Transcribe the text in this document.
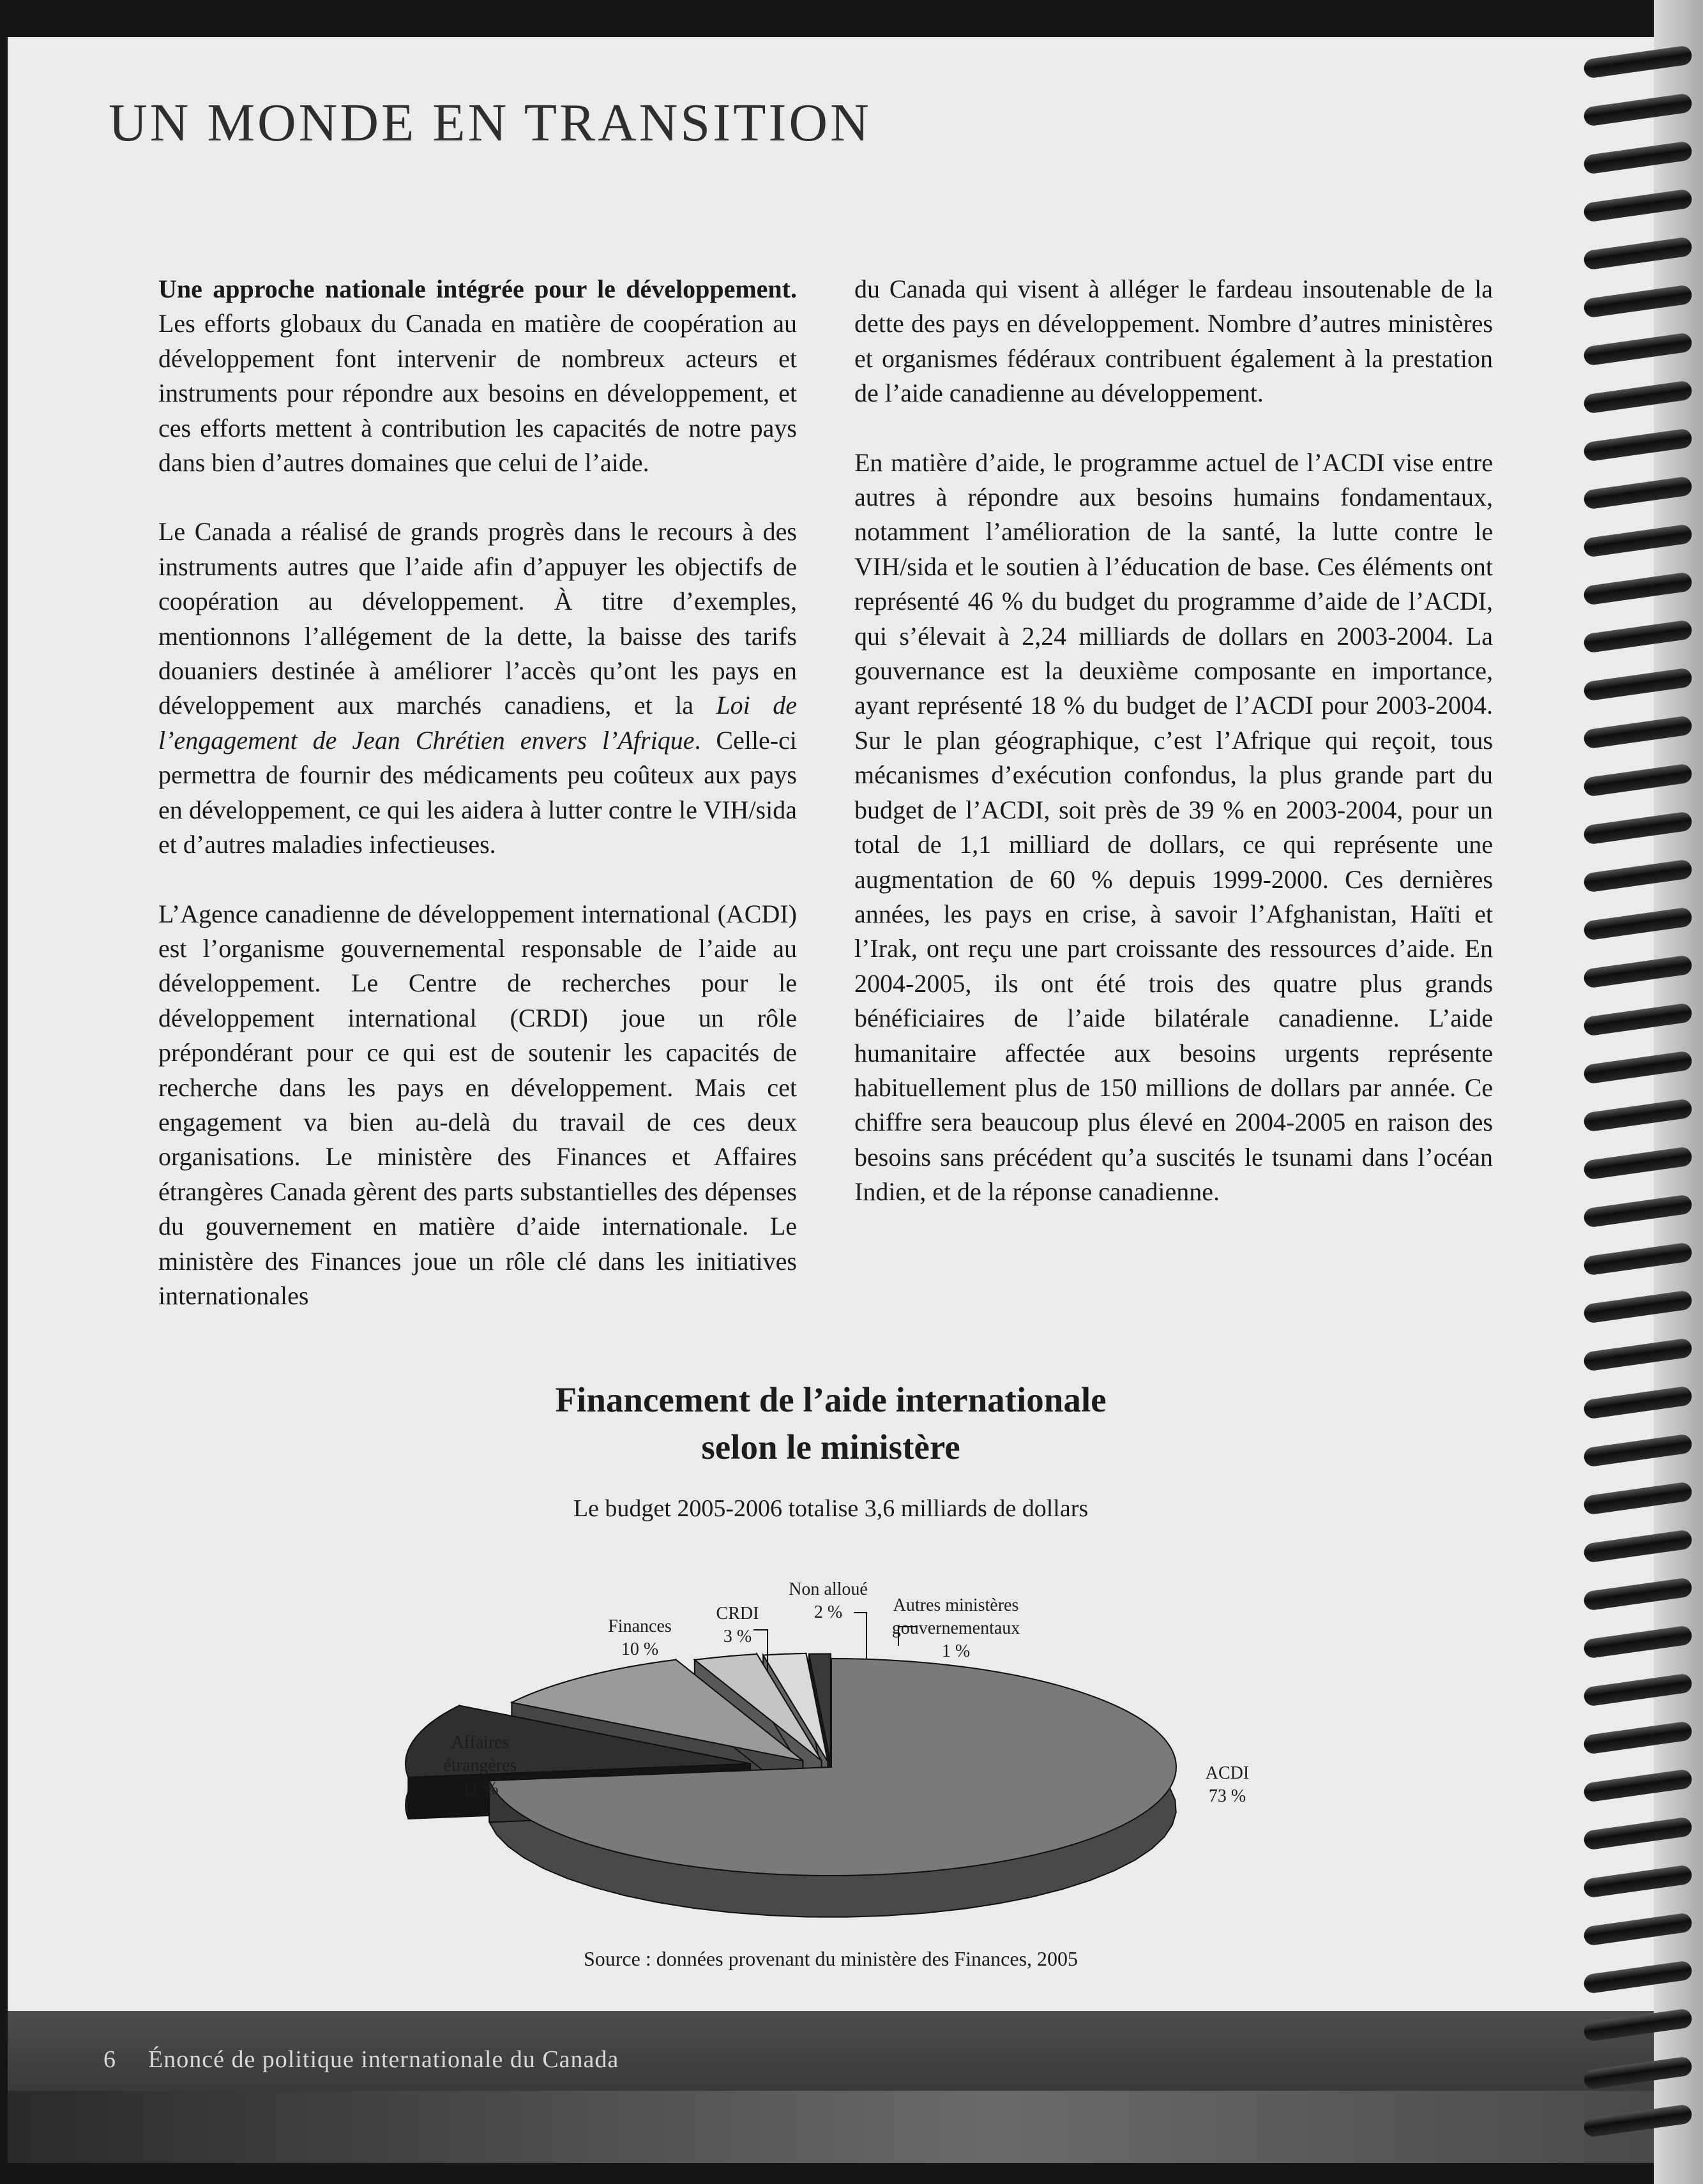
UN MONDE EN TRANSITION

Une approche nationale intégrée pour le développement. Les efforts globaux du Canada en matière de coopération au développement font intervenir de nombreux acteurs et instruments pour répondre aux besoins en développement, et ces efforts mettent à contribution les capacités de notre pays dans bien d’autres domaines que celui de l’aide.

Le Canada a réalisé de grands progrès dans le recours à des instruments autres que l’aide afin d’appuyer les objectifs de coopération au développement. À titre d’exemples, mentionnons l’allégement de la dette, la baisse des tarifs douaniers destinée à améliorer l’accès qu’ont les pays en développement aux marchés canadiens, et la Loi de l’engagement de Jean Chrétien envers l’Afrique. Celle-ci permettra de fournir des médicaments peu coûteux aux pays en développement, ce qui les aidera à lutter contre le VIH/sida et d’autres maladies infectieuses.

L’Agence canadienne de développement international (ACDI) est l’organisme gouvernemental responsable de l’aide au développement. Le Centre de recherches pour le développement international (CRDI) joue un rôle prépondérant pour ce qui est de soutenir les capacités de recherche dans les pays en développement. Mais cet engagement va bien au-delà du travail de ces deux organisations. Le ministère des Finances et Affaires étrangères Canada gèrent des parts substantielles des dépenses du gouvernement en matière d’aide internationale. Le ministère des Finances joue un rôle clé dans les initiatives internationales

du Canada qui visent à alléger le fardeau insoutenable de la dette des pays en développement. Nombre d’autres ministères et organismes fédéraux contribuent également à la prestation de l’aide canadienne au développement.

En matière d’aide, le programme actuel de l’ACDI vise entre autres à répondre aux besoins humains fondamentaux, notamment l’amélioration de la santé, la lutte contre le VIH/sida et le soutien à l’éducation de base. Ces éléments ont représenté 46 % du budget du programme d’aide de l’ACDI, qui s’élevait à 2,24 milliards de dollars en 2003-2004. La gouvernance est la deuxième composante en importance, ayant représenté 18 % du budget de l’ACDI pour 2003-2004. Sur le plan géographique, c’est l’Afrique qui reçoit, tous mécanismes d’exécution confondus, la plus grande part du budget de l’ACDI, soit près de 39 % en 2003-2004, pour un total de 1,1 milliard de dollars, ce qui représente une augmentation de 60 % depuis 1999-2000. Ces dernières années, les pays en crise, à savoir l’Afghanistan, Haïti et l’Irak, ont reçu une part croissante des ressources d’aide. En 2004-2005, ils ont été trois des quatre plus grands bénéficiaires de l’aide bilatérale canadienne. L’aide humanitaire affectée aux besoins urgents représente habituellement plus de 150 millions de dollars par année. Ce chiffre sera beaucoup plus élevé en 2004-2005 en raison des besoins sans précédent qu’a suscités le tsunami dans l’océan Indien, et de la réponse canadienne.

Financement de l’aide internationale
selon le ministère
Le budget 2005-2006 totalise 3,6 milliards de dollars
ACDI 73 %
Affaires étrangères 11 %
Finances 10 %
CRDI 3 %
Non alloué 2 %	Autres ministères gouvernementaux 1 %
Source : données provenant du ministère des Finances, 2005
6 Énoncé de politique internationale du Canada
